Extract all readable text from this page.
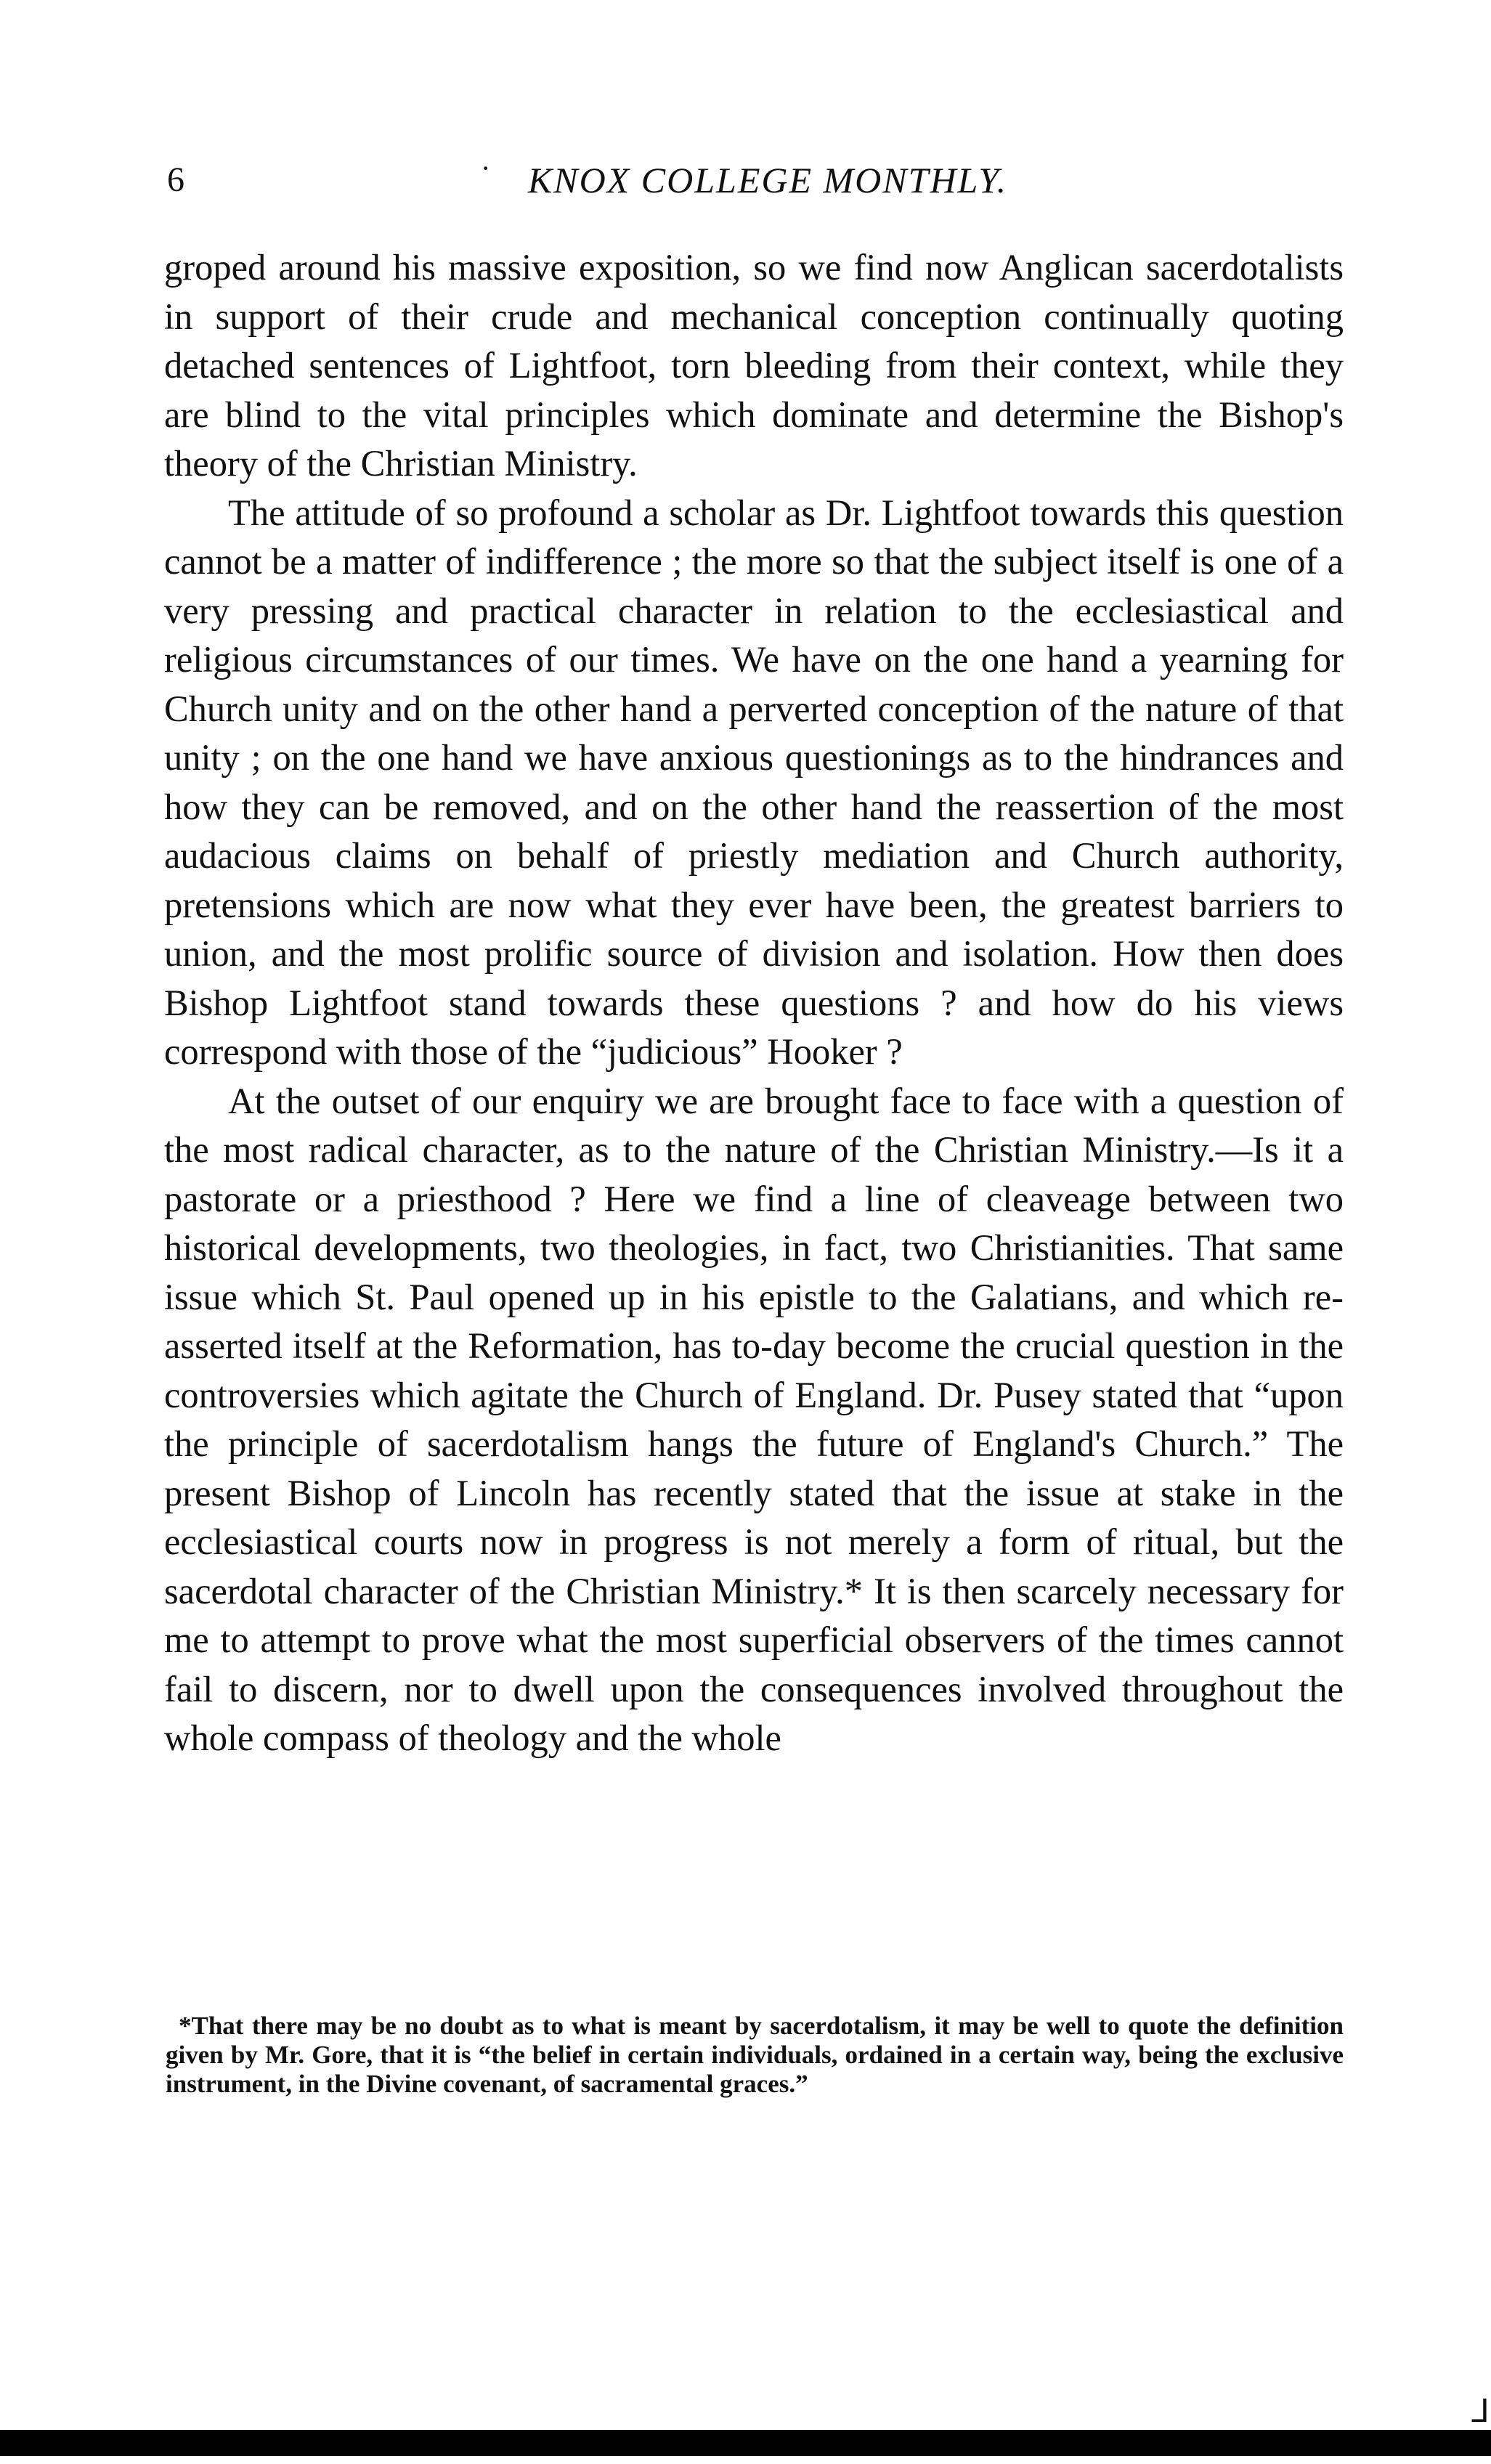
6	·	KNOX COLLEGE MONTHLY.

groped around his massive exposition, so we find now Anglican sacerdotalists in support of their crude and mechanical conception continually quoting detached sentences of Lightfoot, torn bleeding from their context, while they are blind to the vital principles which dominate and determine the Bishop's theory of the Christian Ministry.

The attitude of so profound a scholar as Dr. Lightfoot towards this question cannot be a matter of indifference ; the more so that the subject itself is one of a very pressing and practical character in relation to the ecclesiastical and religious circumstances of our times. We have on the one hand a yearning for Church unity and on the other hand a perverted conception of the nature of that unity ; on the one hand we have anxious questionings as to the hindrances and how they can be removed, and on the other hand the reassertion of the most audacious claims on behalf of priestly mediation and Church authority, pretensions which are now what they ever have been, the greatest barriers to union, and the most prolific source of division and isolation. How then does Bishop Lightfoot stand towards these questions ? and how do his views correspond with those of the “judicious” Hooker ?

At the outset of our enquiry we are brought face to face with a question of the most radical character, as to the nature of the Christian Ministry.—Is it a pastorate or a priesthood ? Here we find a line of cleaveage between two historical developments, two theologies, in fact, two Christianities. That same issue which St. Paul opened up in his epistle to the Galatians, and which re-asserted itself at the Reformation, has to-day become the crucial question in the controversies which agitate the Church of England. Dr. Pusey stated that “upon the principle of sacerdotalism hangs the future of England's Church.” The present Bishop of Lincoln has recently stated that the issue at stake in the ecclesiastical courts now in progress is not merely a form of ritual, but the sacerdotal character of the Christian Ministry.* It is then scarcely necessary for me to attempt to prove what the most superficial observers of the times cannot fail to discern, nor to dwell upon the consequences involved throughout the whole compass of theology and the whole

*That there may be no doubt as to what is meant by sacerdotalism, it may be well to quote the definition given by Mr. Gore, that it is “the belief in certain individuals, ordained in a certain way, being the exclusive instrument, in the Divine covenant, of sacramental graces.”

⅃
